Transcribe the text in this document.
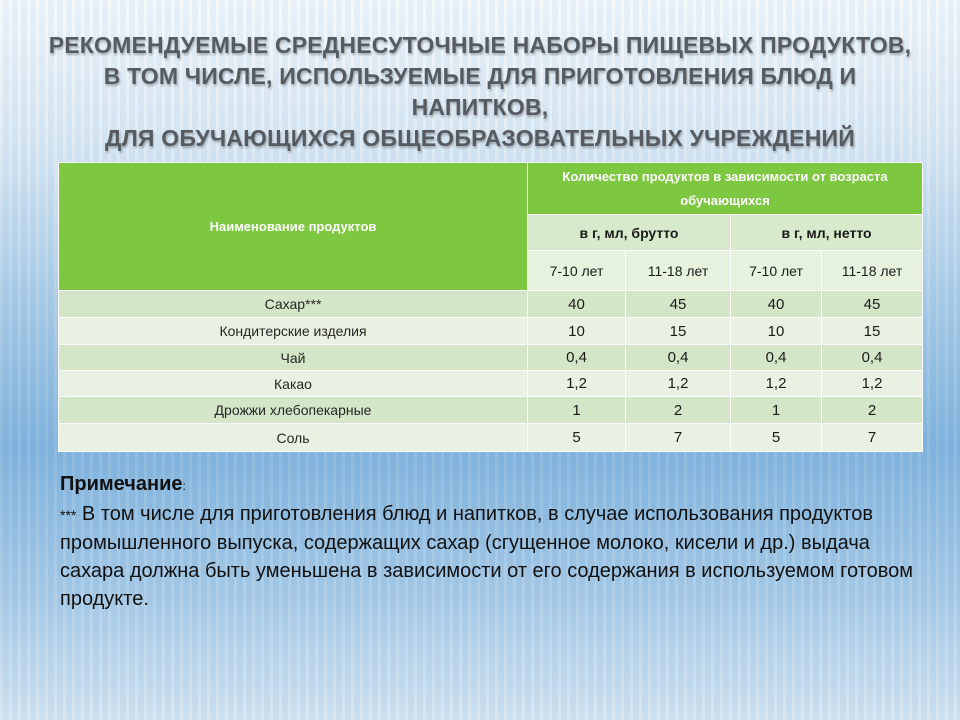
РЕКОМЕНДУЕМЫЕ СРЕДНЕСУТОЧНЫЕ НАБОРЫ ПИЩЕВЫХ ПРОДУКТОВ,
В ТОМ ЧИСЛЕ, ИСПОЛЬЗУЕМЫЕ ДЛЯ ПРИГОТОВЛЕНИЯ БЛЮД И НАПИТКОВ,
ДЛЯ ОБУЧАЮЩИХСЯ ОБЩЕОБРАЗОВАТЕЛЬНЫХ УЧРЕЖДЕНИЙ
Наименование продуктов	Количество продуктов в зависимости от возраста обучающихся			
	в г, мл, брутто		в г, мл, нетто	
	7-10 лет	11-18 лет	7-10 лет	11-18 лет
Сахар***	40	45	40	45
Кондитерские изделия	10	15	10	15
Чай	0,4	0,4	0,4	0,4
Какао	1,2	1,2	1,2	1,2
Дрожжи хлебопекарные	1	2	1	2
Соль	5	7	5	7
Примечание:
*** В том числе для приготовления блюд и напитков, в случае использования продуктов промышленного выпуска, содержащих сахар (сгущенное молоко, кисели и др.) выдача сахара должна быть уменьшена в зависимости от его содержания в используемом готовом продукте.
